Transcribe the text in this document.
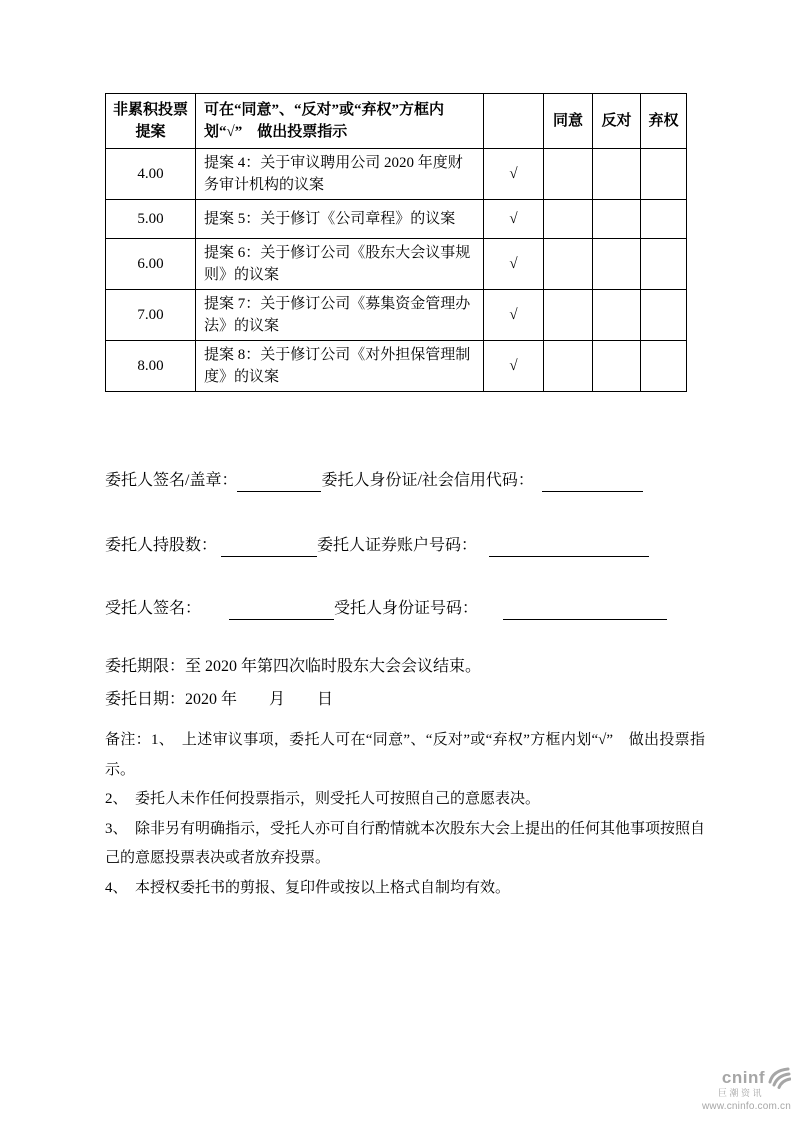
非累积投票提案	可在“同意”、“反对”或“弃权”方框内划“√”　做出投票指示		同意	反对	弃权
4.00	提案 4：关于审议聘用公司 2020 年度财务审计机构的议案	√			
5.00	提案 5：关于修订《公司章程》的议案	√			
6.00	提案 6：关于修订公司《股东大会议事规则》的议案	√			
7.00	提案 7：关于修订公司《募集资金管理办法》的议案	√			
8.00	提案 8：关于修订公司《对外担保管理制度》的议案	√			
委托人签名/盖章：	委托人身份证/社会信用代码：
委托人持股数：	委托人证券账户号码：
受托人签名：	受托人身份证号码：
委托期限：至 2020 年第四次临时股东大会会议结束。
委托日期：2020 年　　月　　日

备注：1、　上述审议事项，委托人可在“同意”、“反对”或“弃权”方框内划“√”　做出投票指示。

2、　委托人未作任何投票指示，则受托人可按照自己的意愿表决。

3、　除非另有明确指示，受托人亦可自行酌情就本次股东大会上提出的任何其他事项按照自己的意愿投票表决或者放弃投票。

4、　本授权委托书的剪报、复印件或按以上格式自制均有效。

cninf
巨潮资讯
www.cninfo.com.cn
